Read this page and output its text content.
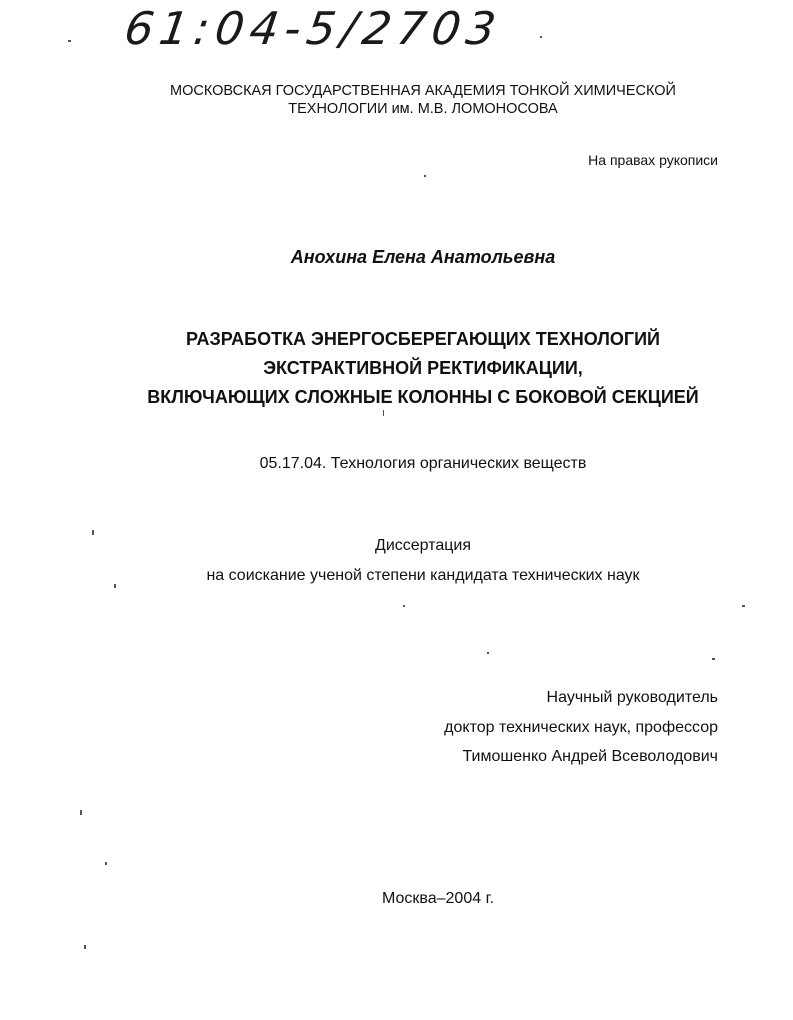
61:04-5/2703
МОСКОВСКАЯ ГОСУДАРСТВЕННАЯ АКАДЕМИЯ ТОНКОЙ ХИМИЧЕСКОЙ
ТЕХНОЛОГИИ им. М.В. ЛОМОНОСОВА
На правах рукописи
Анохина Елена Анатольевна
РАЗРАБОТКА ЭНЕРГОСБЕРЕГАЮЩИХ ТЕХНОЛОГИЙ
ЭКСТРАКТИВНОЙ РЕКТИФИКАЦИИ,
ВКЛЮЧАЮЩИХ СЛОЖНЫЕ КОЛОННЫ С БОКОВОЙ СЕКЦИЕЙ
05.17.04. Технология органических веществ
Диссертация
на соискание ученой степени кандидата технических наук
Научный руководитель
доктор технических наук, профессор
Тимошенко Андрей Всеволодович
Москва–2004 г.
